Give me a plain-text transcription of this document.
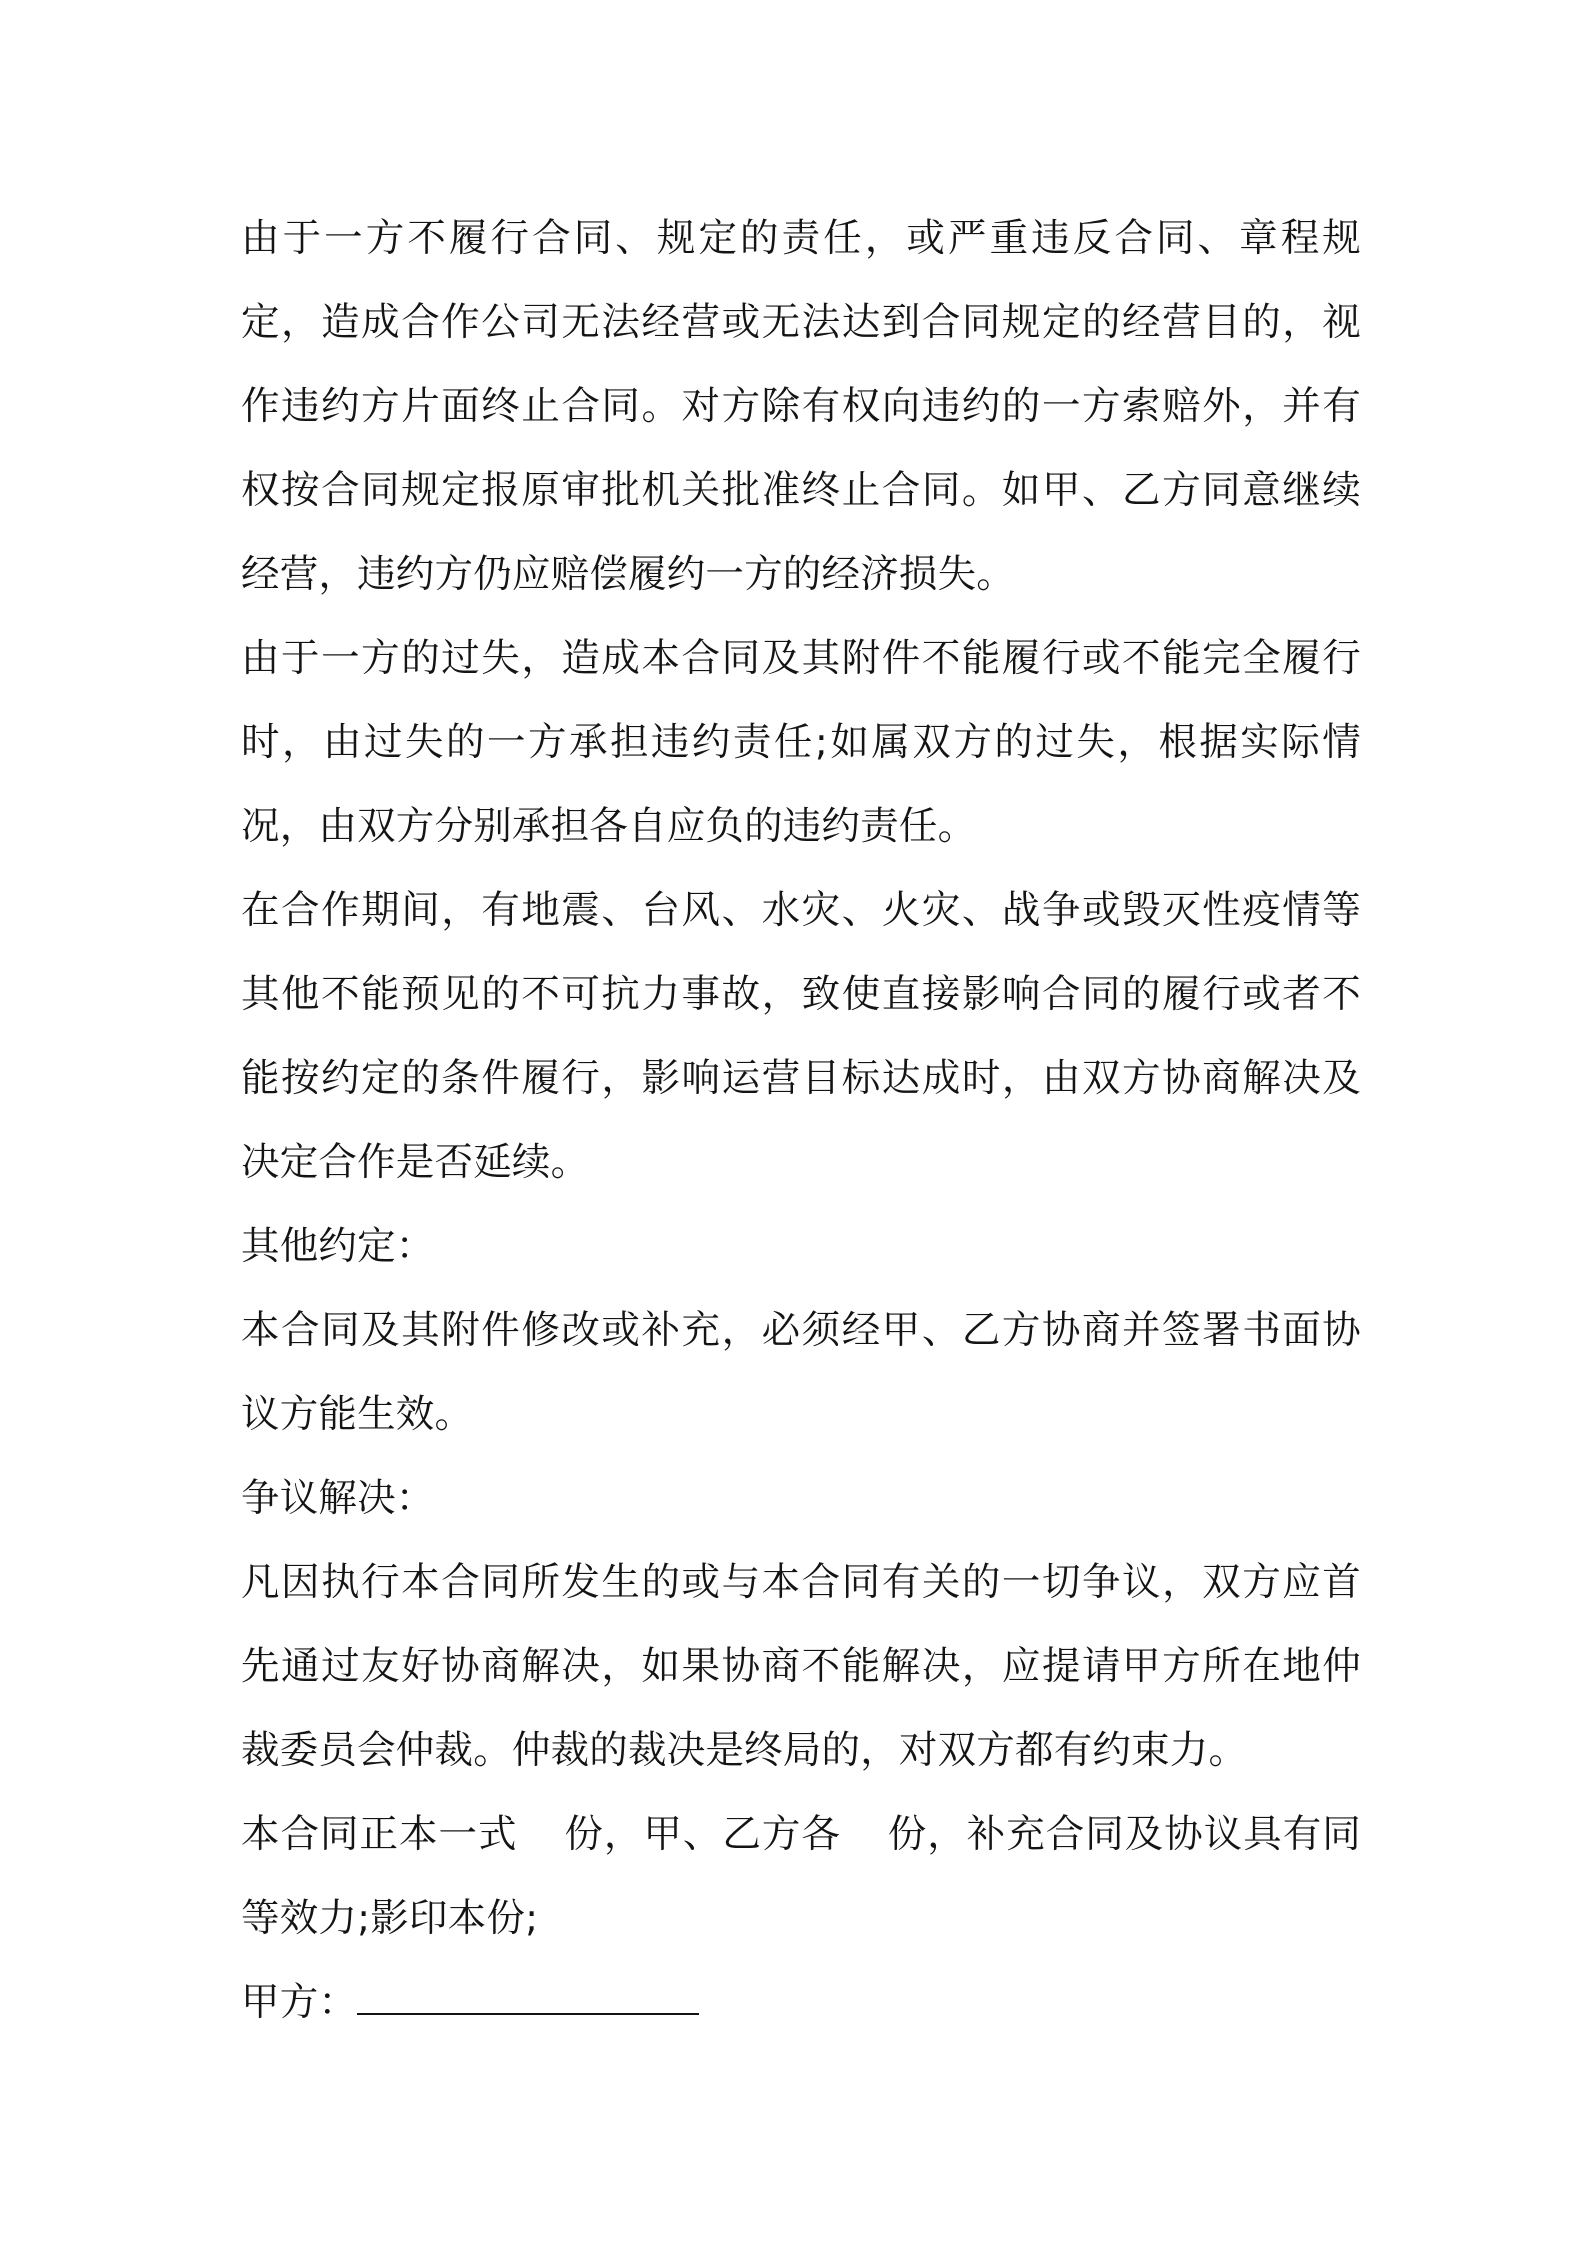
由于一方不履行合同、规定的责任，或严重违反合同、章程规定，造成合作公司无法经营或无法达到合同规定的经营目的，视作违约方片面终止合同。对方除有权向违约的一方索赔外，并有权按合同规定报原审批机关批准终止合同。如甲、乙方同意继续经营，违约方仍应赔偿履约一方的经济损失。

由于一方的过失，造成本合同及其附件不能履行或不能完全履行时，由过失的一方承担违约责任;如属双方的过失，根据实际情况，由双方分别承担各自应负的违约责任。

在合作期间，有地震、台风、水灾、火灾、战争或毁灭性疫情等其他不能预见的不可抗力事故，致使直接影响合同的履行或者不能按约定的条件履行，影响运营目标达成时，由双方协商解决及决定合作是否延续。

其他约定：

本合同及其附件修改或补充，必须经甲、乙方协商并签署书面协议方能生效。

争议解决：

凡因执行本合同所发生的或与本合同有关的一切争议，双方应首先通过友好协商解决，如果协商不能解决，应提请甲方所在地仲裁委员会仲裁。仲裁的裁决是终局的，对双方都有约束力。

本合同正本一式 份，甲、乙方各 份，补充合同及协议具有同等效力;影印本份;

甲方：
